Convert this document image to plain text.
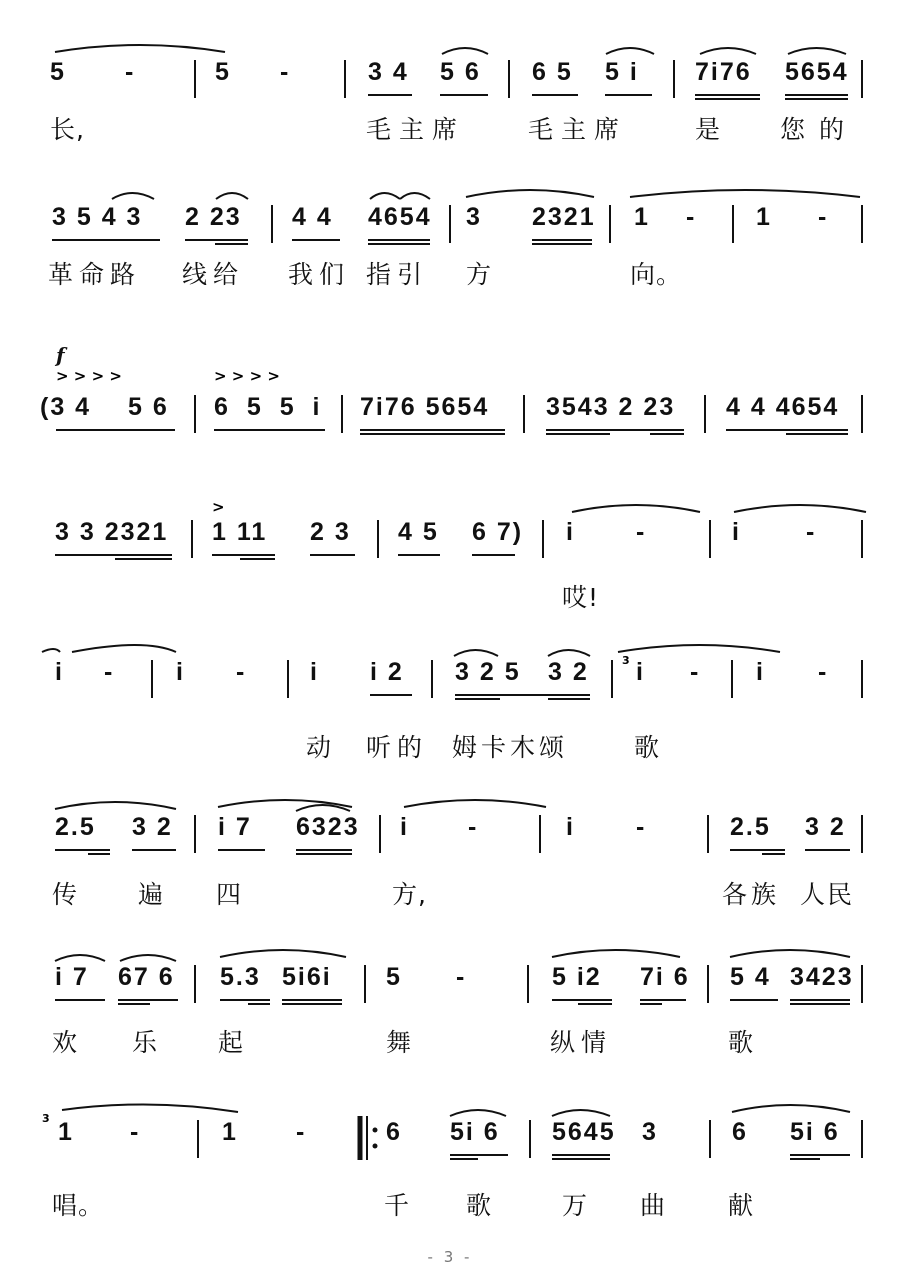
5 -	5 -	3 4 5 6 6 5 5 i 7i76 5654
长,	毛主席	毛主席	是 您的
3 5 4 3 2 23 4 4 4654 3 2321 1 - 1 -
革命路 线给 我们 指引 方	向。
f
> > > >	> > > >
(3 4 5 6 6 5 5 i 7i76 5654 3543 2 23 4 4 4654
>
3 3 2321 1 11 2 3 4 5 6 7) i -	i	-
哎!
3
i - i -	i i 2 3 2 5 3 2 i - i -
动 听的 姆卡木颂	歌
2.5 3 2 i 7 6323 i -	i -	2.5 3 2
传 遍 四	方,	各族 人民
i 7 67 6 5.3 5i6i 5 -	5 i2 7i 6 5 4 3423
欢 乐 起	舞	纵情	歌
3 1 -	1 -	6 5i 6 5645 3	6 5i 6
唱。	千 歌	万 曲 献
- 3 -
